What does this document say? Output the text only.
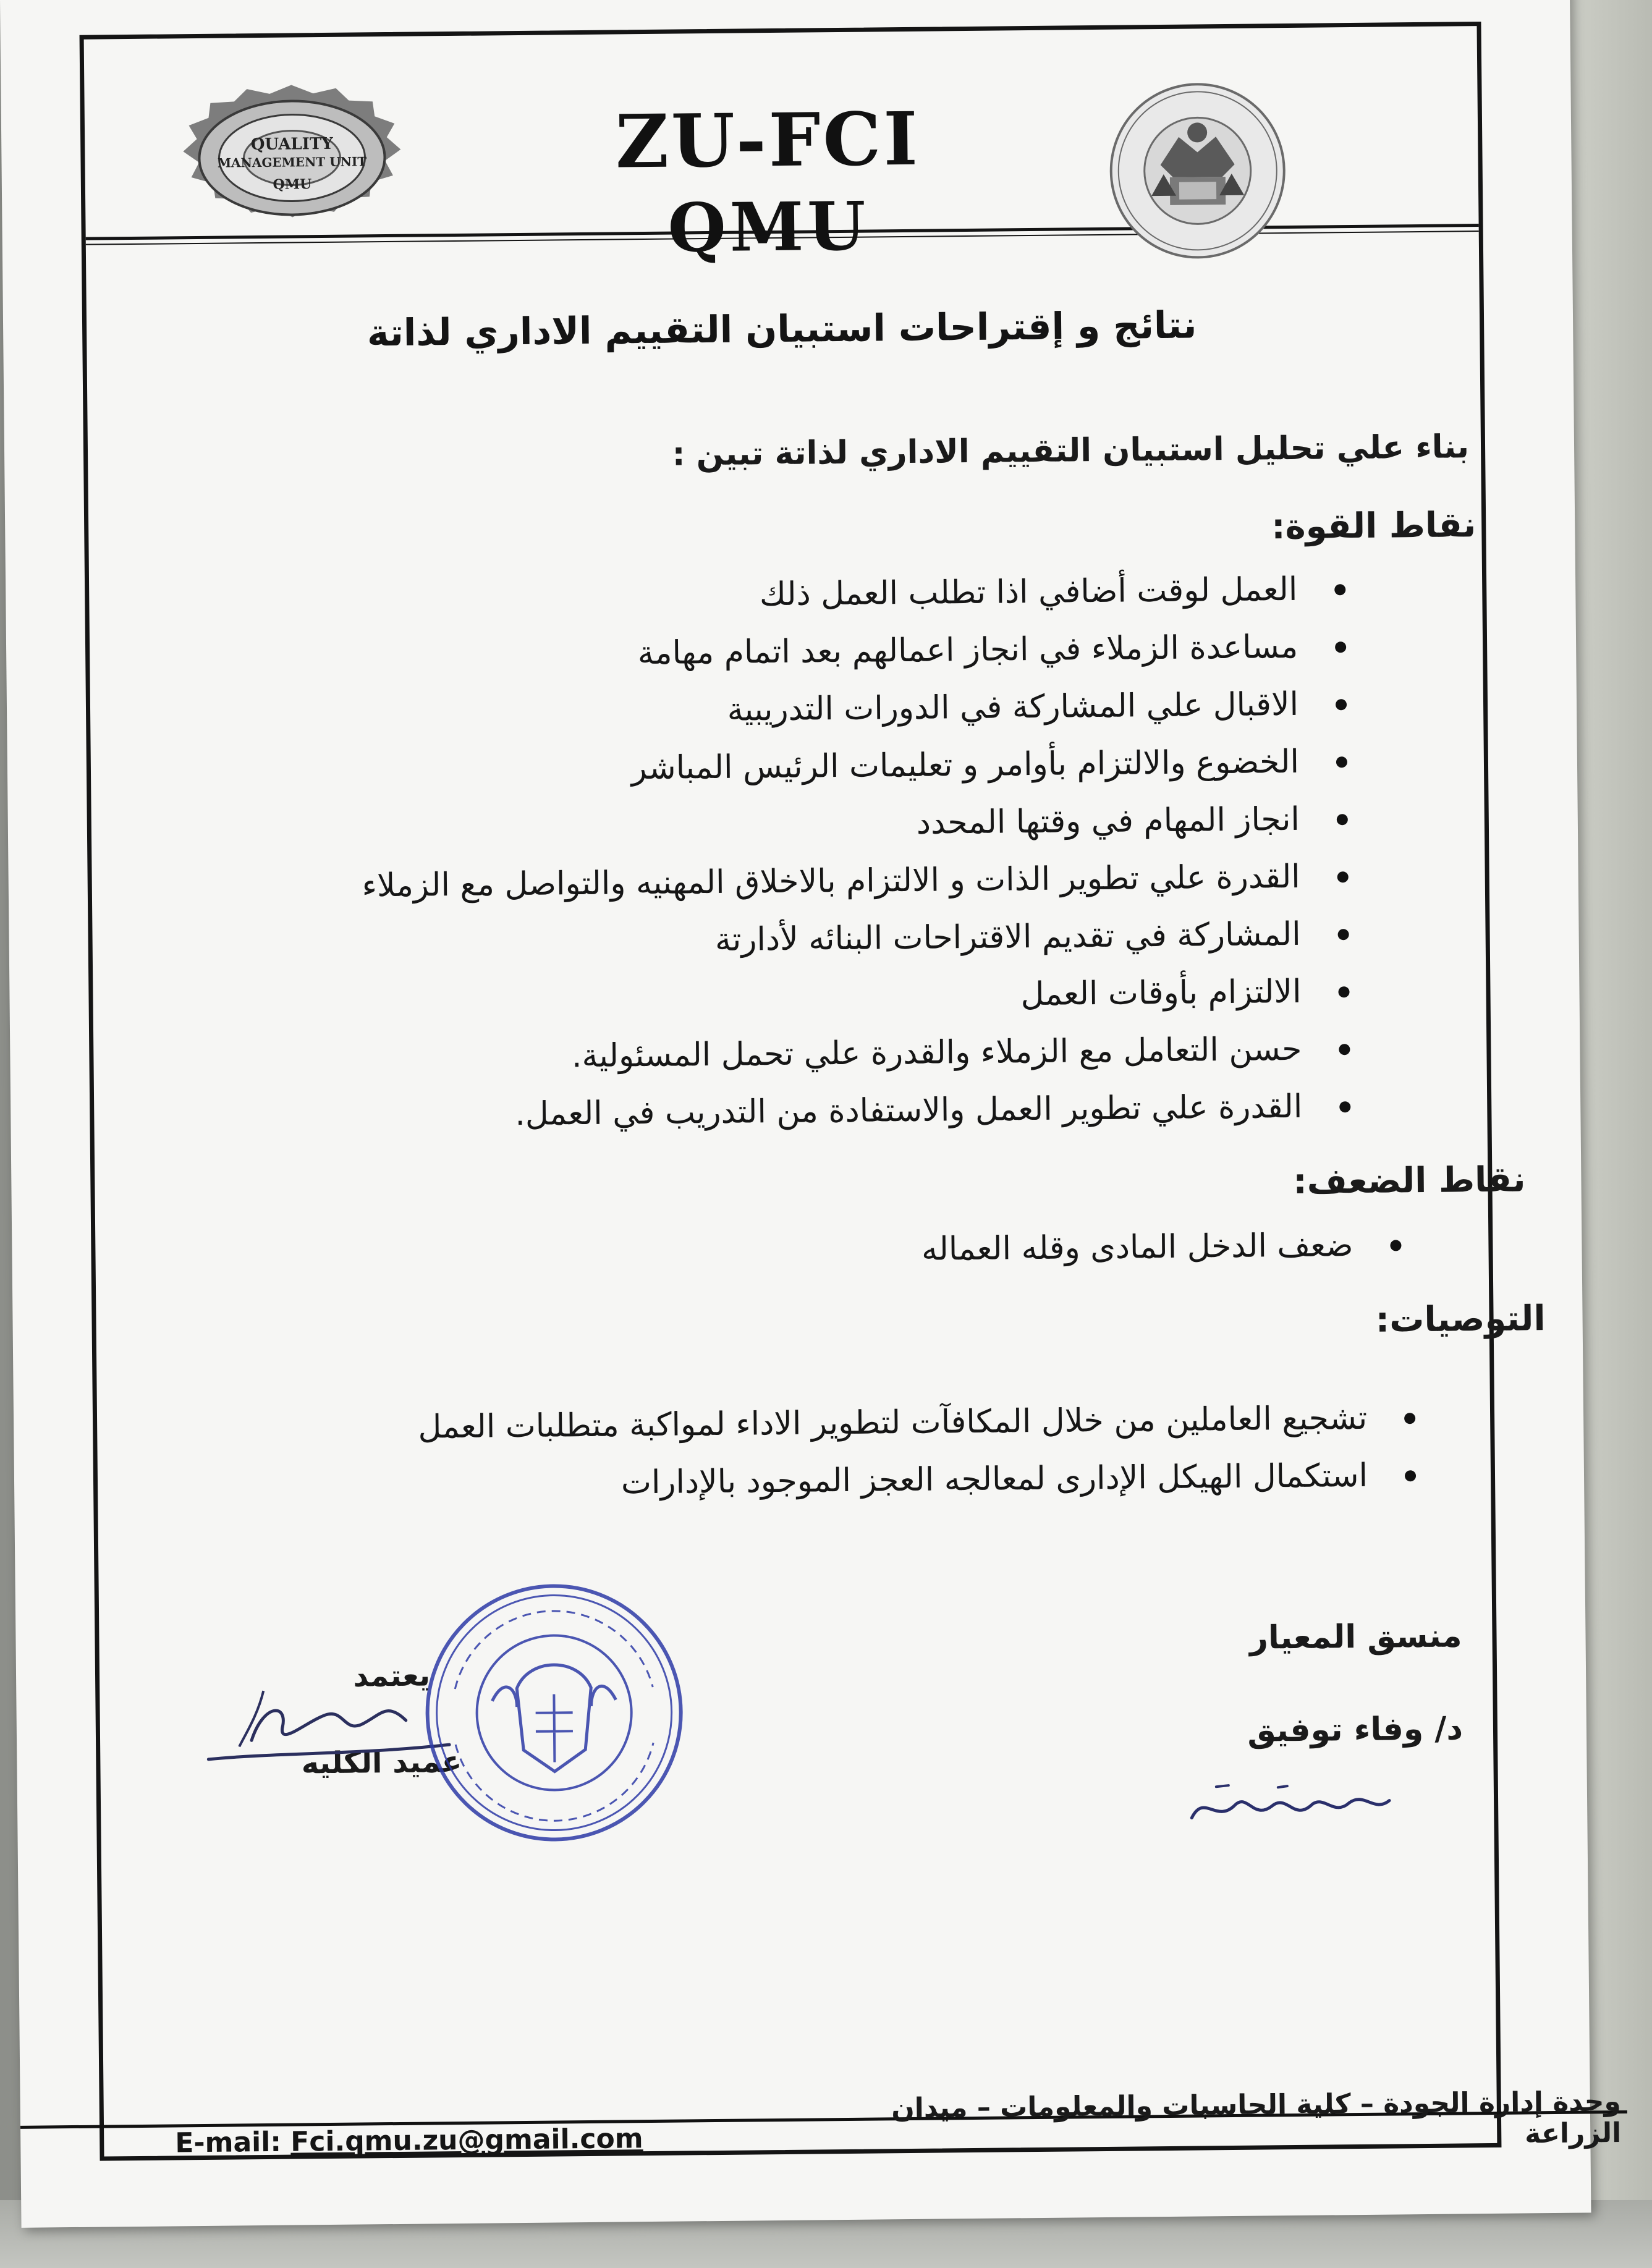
QUALITY
MANAGEMENT UNIT
QMU
ZU-FCI
QMU
نتائج و إقتراحات استبيان التقييم الاداري لذاتة
بناء علي تحليل استبيان التقييم الاداري لذاتة تبين :
نقاط القوة:
العمل لوقت أضافي اذا تطلب العمل ذلك
مساعدة الزملاء في انجاز اعمالهم بعد اتمام مهامة
الاقبال علي المشاركة في الدورات التدريبية
الخضوع والالتزام بأوامر و تعليمات الرئيس المباشر
انجاز المهام في وقتها المحدد
القدرة علي تطوير الذات و الالتزام بالاخلاق المهنيه والتواصل مع الزملاء
المشاركة في تقديم الاقتراحات البنائه لأدارتة
الالتزام بأوقات العمل
حسن التعامل مع الزملاء والقدرة علي تحمل المسئولية.
القدرة علي تطوير العمل والاستفادة من التدريب في العمل.
نقاط الضعف:
ضعف الدخل المادى وقله العماله
التوصيات:
تشجيع العاملين من خلال المكافآت لتطوير الاداء لمواكبة متطلبات العمل
استكمال الهيكل الإدارى لمعالجه العجز الموجود بالإدارات
منسق المعيار
د/ وفاء توفيق
يعتمد
عميد الكليه
وحدة إدارة الجودة – كلية الحاسبات والمعلومات – ميدان الزراعة
E-mail: Fci.qmu.zu@gmail.com
